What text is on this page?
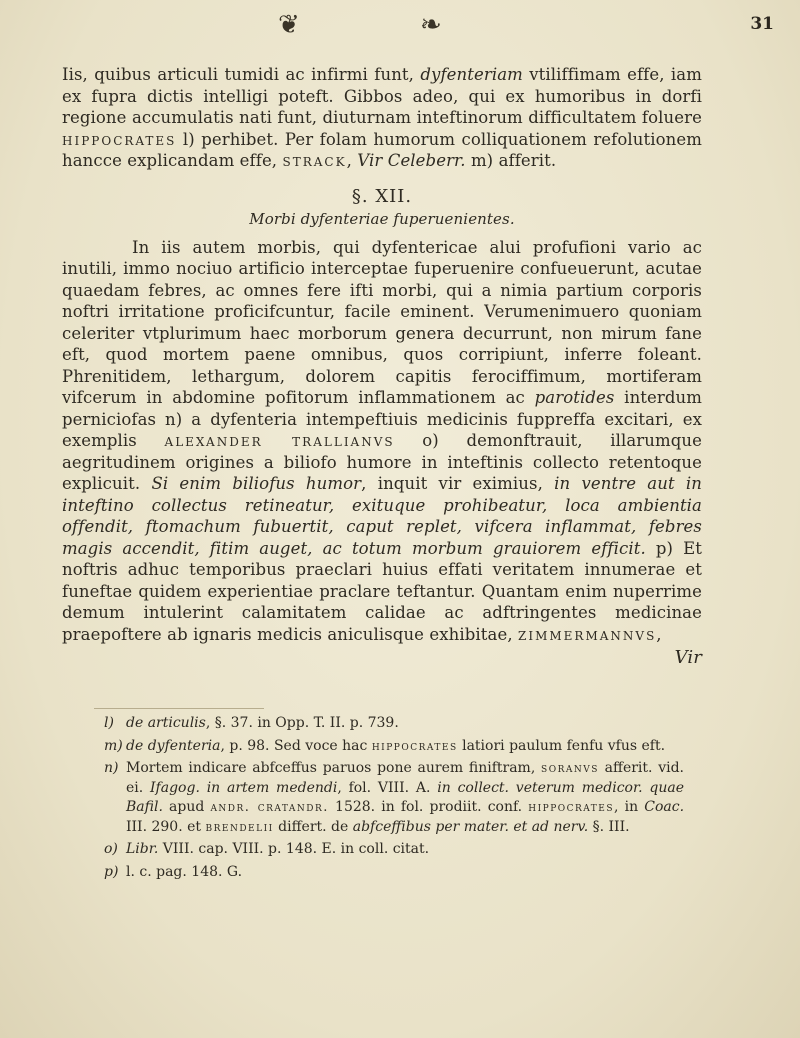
❦	❧	31

Iis, quibus articuli tumidi ac infirmi funt, dyfenteriam vtiliffimam effe, iam ex fupra dictis intelligi poteft. Gibbos adeo, qui ex humoribus in dorfi regione accumulatis nati funt, diuturnam inteftinorum difficultatem foluere hippocrates l) perhibet. Per folam humorum colliquationem refolutionem hancce explicandam effe, strack, Vir Celeberr. m) afferit.

§. XII.
Morbi dyfenteriae fuperuenientes.

In iis autem morbis, qui dyfentericae alui profufioni vario ac inutili, immo nociuo artificio interceptae fuperuenire confueuerunt, acutae quaedam febres, ac omnes fere ifti morbi, qui a nimia partium corporis noftri irritatione proficifcuntur, facile eminent. Verumenimuero quoniam celeriter vtplurimum haec morborum genera decurrunt, non mirum fane eft, quod mortem paene omnibus, quos corripiunt, inferre foleant. Phrenitidem, lethargum, dolorem capitis ferociffimum, mortiferam vifcerum in abdomine pofitorum inflammationem ac parotides interdum perniciofas n) a dyfenteria intempeftiuis medicinis fuppreffa excitari, ex exemplis alexander trallianvs o) demonftrauit, illarumque aegritudinem origines a biliofo humore in inteftinis collecto retentoque explicuit. Si enim biliofus humor, inquit vir eximius, in ventre aut in inteftino collectus retineatur, exituque prohibeatur, loca ambientia offendit, ftomachum fubuertit, caput replet, vifcera inflammat, febres magis accendit, fitim auget, ac totum morbum grauiorem efficit. p) Et noftris adhuc temporibus praeclari huius effati veritatem innumerae et funeftae quidem experientiae praclare teftantur. Quantam enim nuperrime demum intulerint calamitatem calidae ac adftringentes medicinae praepoftere ab ignaris medicis aniculisque exhibitae, zimmermannvs,

Vir

l) de articulis, §. 37. in Opp. T. II. p. 739.

m) de dyfenteria, p. 98. Sed voce hac hippocrates latiori paulum fenfu vfus eft.

n) Mortem indicare abfceffus paruos pone aurem finiftram, soranvs afferit. vid. ei. Ifagog. in artem medendi, fol. VIII. A. in collect. veterum medicor. quae Bafil. apud andr. cratandr. 1528. in fol. prodiit. conf. hippocrates, in Coac. III. 290. et brendelii differt. de abfceffibus per mater. et ad nerv. §. III.

o) Libr. VIII. cap. VIII. p. 148. E. in coll. citat.

p) l. c. pag. 148. G.
